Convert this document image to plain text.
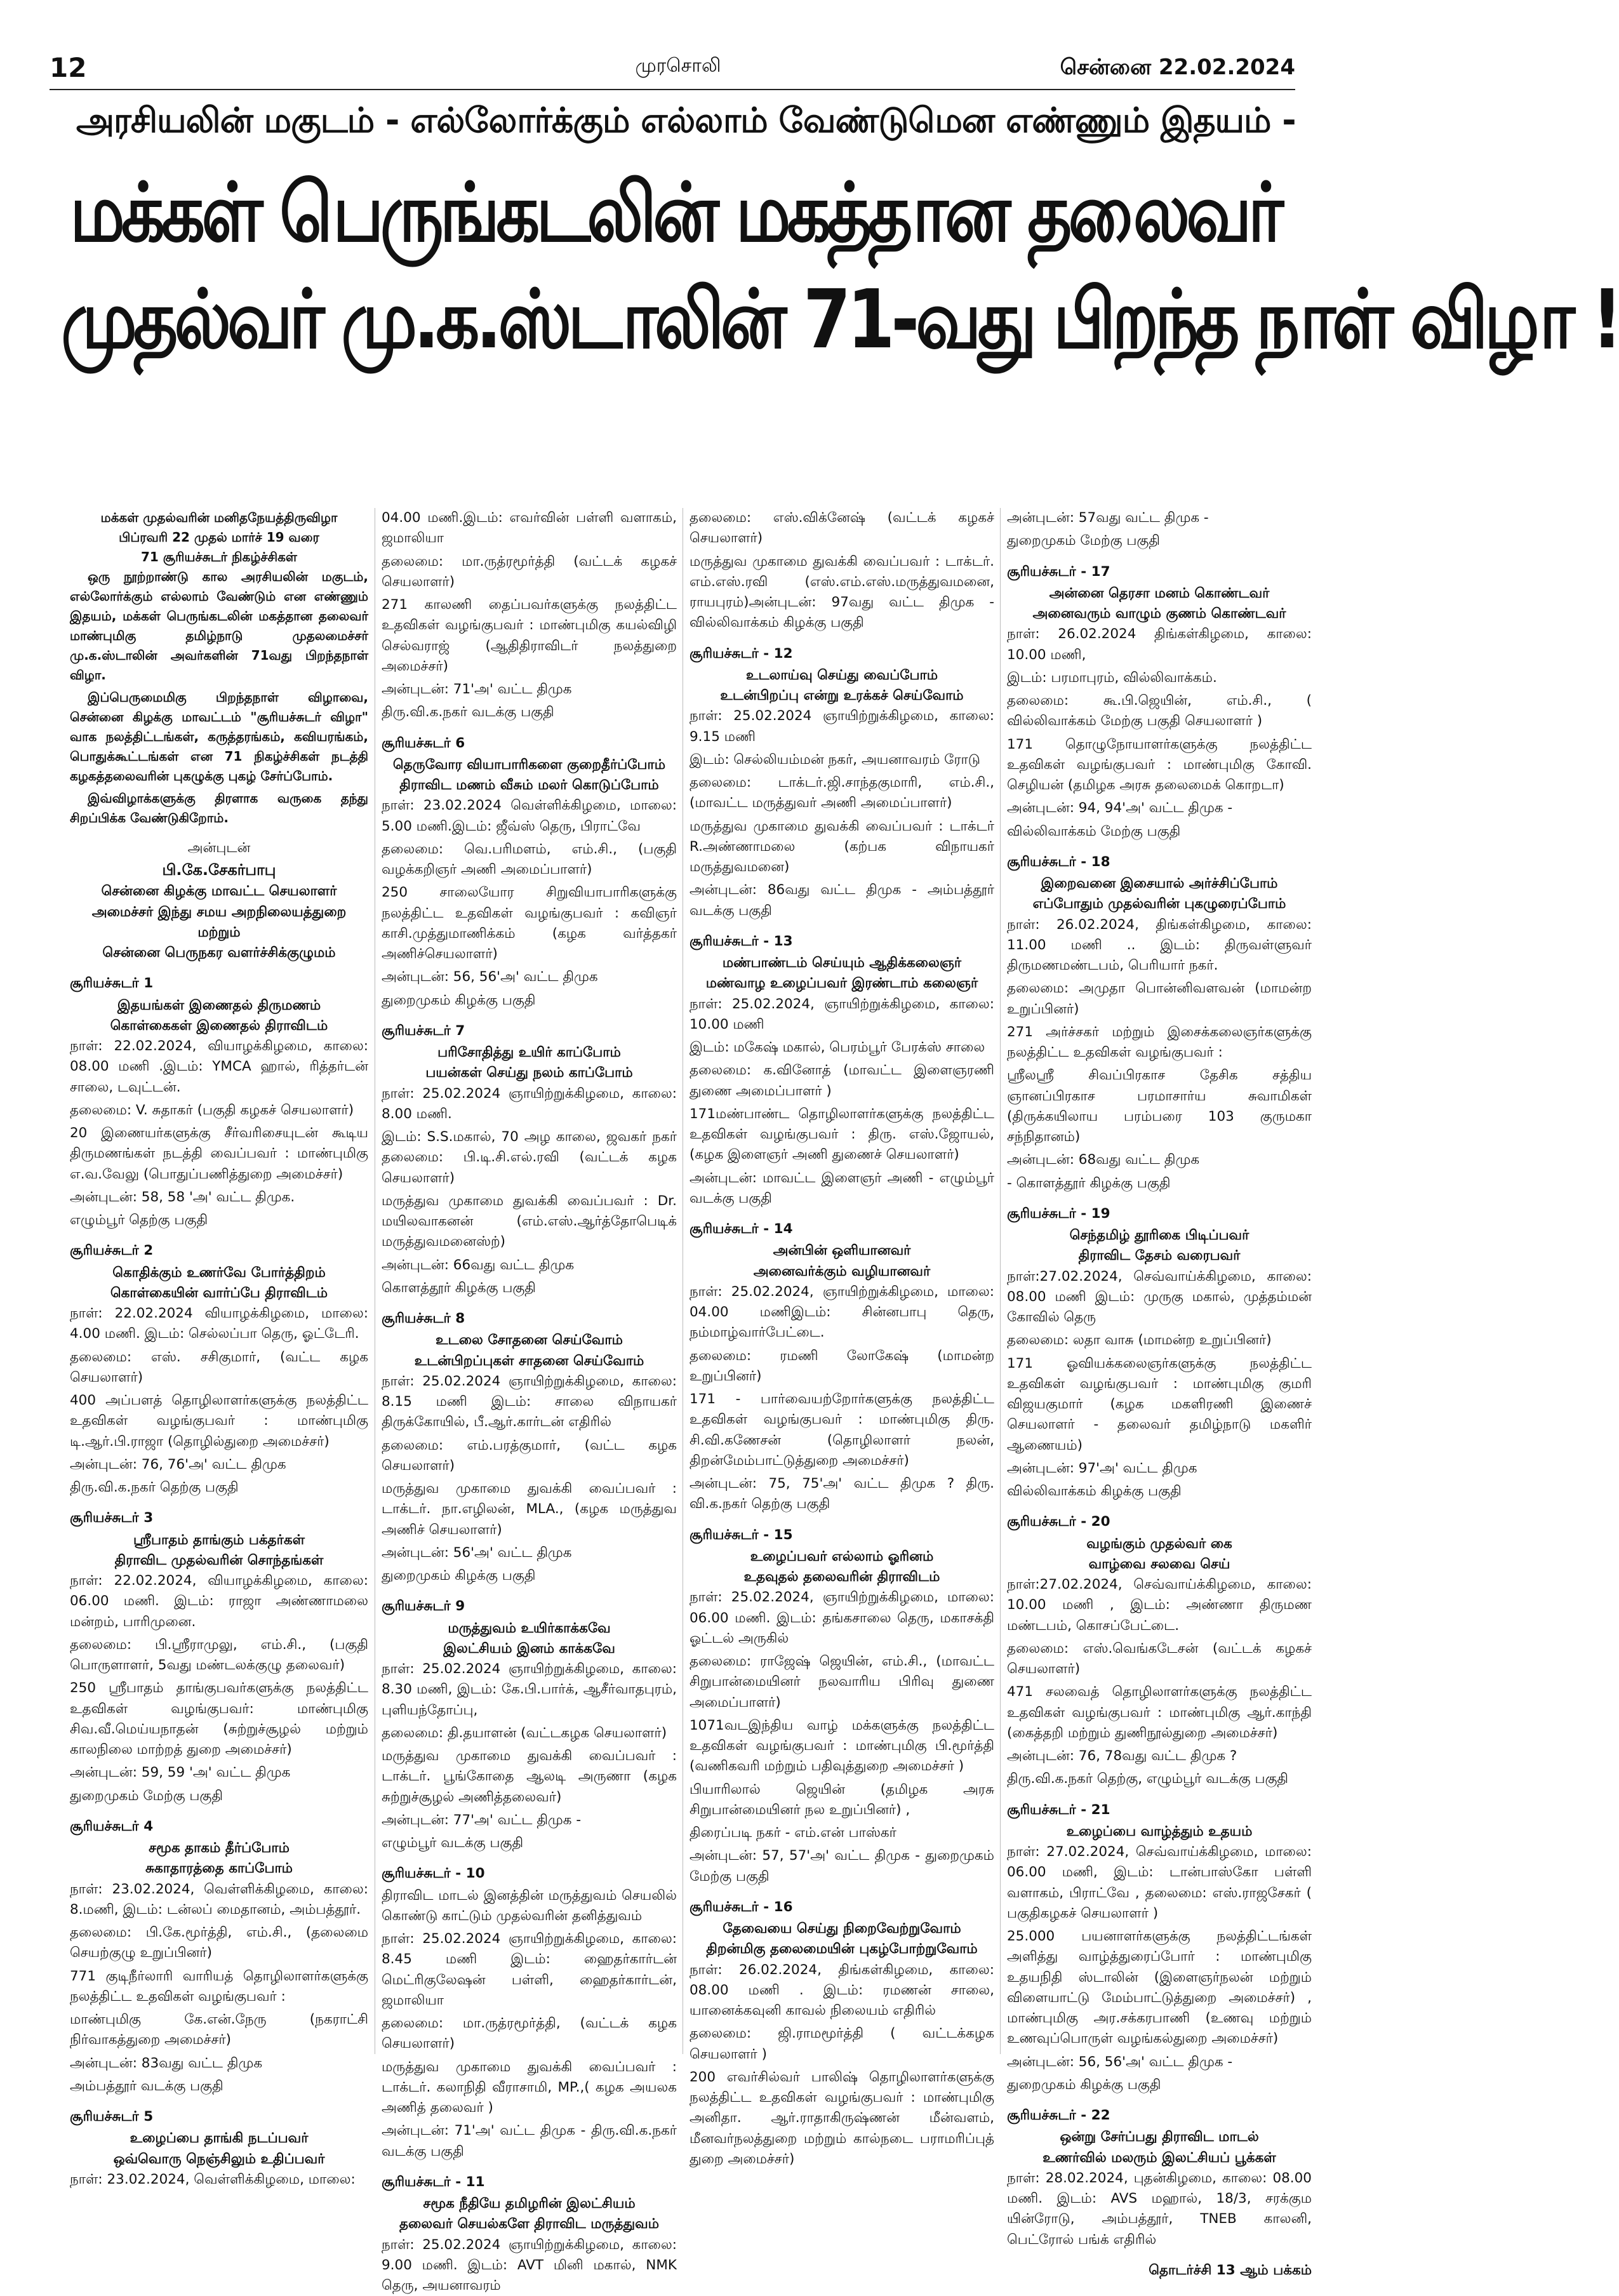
12	முரசொலி	சென்னை 22.02.2024
அரசியலின் மகுடம் - எல்லோர்க்கும் எல்லாம் வேண்டுமென எண்ணும் இதயம் -
மக்கள் பெருங்கடலின் மகத்தான தலைவர்
முதல்வர் மு.க.ஸ்டாலின் 71-வது பிறந்த நாள் விழா !
மக்கள் முதல்வரின் மனிதநேயத்திருவிழா
பிப்ரவரி 22 முதல் மார்ச் 19 வரை
71 சூரியச்சுடர் நிகழ்ச்சிகள்
ஒரு நூற்றாண்டு கால அரசியலின் மகுடம், எல்லோர்க்கும் எல்லாம் வேண்டும் என எண்ணும் இதயம், மக்கள் பெருங்கடலின் மகத்தான தலைவர் மாண்புமிகு தமிழ்நாடு முதலமைச்சர் மு.க.ஸ்டாலின் அவர்களின் 71வது பிறந்தநாள் விழா.
இப்பெருமைமிகு பிறந்தநாள் விழாவை, சென்னை கிழக்கு மாவட்டம் "சூரியச்சுடர் விழா" வாக நலத்திட்டங்கள், கருத்தரங்கம், கவியரங்கம், பொதுக்கூட்டங்கள் என 71 நிகழ்ச்சிகள் நடத்தி கழகத்தலைவரின் புகழுக்கு புகழ் சேர்ப்போம்.
இவ்விழாக்களுக்கு திரளாக வருகை தந்து சிறப்பிக்க வேண்டுகிறோம்.
அன்புடன்
பி.கே.சேகர்பாபு
சென்னை கிழக்கு மாவட்ட செயலாளர்
அமைச்சர் இந்து சமய அறநிலையத்துறை
மற்றும்
சென்னை பெருநகர வளர்ச்சிக்குழுமம்
சூரியச்சுடர் 1
இதயங்கள் இணைதல் திருமணம்
கொள்கைகள் இணைதல் திராவிடம்
நாள்: 22.02.2024, வியாழக்கிழமை, காலை: 08.00 மணி .இடம்: YMCA ஹால், ரித்தர்டன் சாலை, டவுட்டன்.
தலைமை: V. சுதாகர் (பகுதி கழகச் செயலாளர்)
20 இணையர்களுக்கு சீர்வரிசையுடன் கூடிய திருமணங்கள் நடத்தி வைப்பவர் : மாண்புமிகு எ.வ.வேலு (பொதுப்பணித்துறை அமைச்சர்)
அன்புடன்: 58, 58 'அ' வட்ட திமுக.
எழும்பூர் தெற்கு பகுதி
சூரியச்சுடர் 2
கொதிக்கும் உணர்வே போர்த்திறம்
கொள்கையின் வார்ப்பே திராவிடம்
நாள்: 22.02.2024 வியாழக்கிழமை, மாலை: 4.00 மணி. இடம்: செல்லப்பா தெரு, ஓட்டேரி.
தலைமை: எஸ். சசிகுமார், (வட்ட கழக செயலாளர்)
400 அப்பளத் தொழிலாளர்களுக்கு நலத்திட்ட உதவிகள் வழங்குபவர் : மாண்புமிகு டி.ஆர்.பி.ராஜா (தொழில்துறை அமைச்சர்)
அன்புடன்: 76, 76'அ' வட்ட திமுக
திரு.வி.க.நகர் தெற்கு பகுதி
சூரியச்சுடர் 3
ஸ்ரீபாதம் தாங்கும் பக்தர்கள்
திராவிட முதல்வரின் சொந்தங்கள்
நாள்: 22.02.2024, வியாழக்கிழமை, காலை: 06.00 மணி. இடம்: ராஜா அண்ணாமலை மன்றம், பாரிமுனை.
தலைமை: பி.ஸ்ரீராமுலு, எம்.சி., (பகுதி பொருளாளர், 5வது மண்டலக்குழு தலைவர்)
250 ஸ்ரீபாதம் தாங்குபவர்களுக்கு நலத்திட்ட உதவிகள் வழங்குபவர்: மாண்புமிகு சிவ.வீ.மெய்யநாதன் (சுற்றுச்சூழல் மற்றும் காலநிலை மாற்றத் துறை அமைச்சர்)
அன்புடன்: 59, 59 'அ' வட்ட திமுக
துறைமுகம் மேற்கு பகுதி
சூரியச்சுடர் 4
சமூக தாகம் தீர்ப்போம்
சுகாதாரத்தை காப்போம்
நாள்: 23.02.2024, வெள்ளிக்கிழமை, காலை: 8.மணி, இடம்: டன்லப் மைதானம், அம்பத்தூர்.
தலைமை: பி.கே.மூர்த்தி, எம்.சி., (தலைமை செயற்குழு உறுப்பினர்)
771 குடிநீர்லாரி வாரியத் தொழிலாளர்களுக்கு நலத்திட்ட உதவிகள் வழங்குபவர் :
மாண்புமிகு கே.என்.நேரு (நகராட்சி நிர்வாகத்துறை அமைச்சர்)
அன்புடன்: 83வது வட்ட திமுக
அம்பத்தூர் வடக்கு பகுதி
சூரியச்சுடர் 5
உழைப்பை தாங்கி நடப்பவர்
ஒவ்வொரு நெஞ்சிலும் உதிப்பவர்
நாள்: 23.02.2024, வெள்ளிக்கிழமை, மாலை:
04.00 மணி.இடம்: எவர்வின் பள்ளி வளாகம், ஜமாலியா
தலைமை: மா.ருத்ரமூர்த்தி (வட்டக் கழகச் செயலாளர்)
271 காலணி தைப்பவர்களுக்கு நலத்திட்ட உதவிகள் வழங்குபவர் : மாண்புமிகு கயல்விழி செல்வராஜ் (ஆதிதிராவிடர் நலத்துறை அமைச்சர்)
அன்புடன்: 71'அ' வட்ட திமுக
திரு.வி.க.நகர் வடக்கு பகுதி
சூரியச்சுடர் 6
தெருவோர வியாபாரிகளை குறைதீர்ப்போம்
திராவிட மணம் வீசும் மலர் கொடுப்போம்
நாள்: 23.02.2024 வெள்ளிக்கிழமை, மாலை: 5.00 மணி.இடம்: ஜீவ்ஸ் தெரு, பிராட்வே
தலைமை: வெ.பரிமளம், எம்.சி., (பகுதி வழக்கறிஞர் அணி அமைப்பாளர்)
250 சாலையோர சிறுவியாபாரிகளுக்கு நலத்திட்ட உதவிகள் வழங்குபவர் : கவிஞர் காசி.முத்துமாணிக்கம் (கழக வர்த்தகர் அணிச்செயலாளர்)
அன்புடன்: 56, 56'அ' வட்ட திமுக
துறைமுகம் கிழக்கு பகுதி
சூரியச்சுடர் 7
பரிசோதித்து உயிர் காப்போம்
பயன்கள் செய்து நலம் காப்போம்
நாள்: 25.02.2024 ஞாயிற்றுக்கிழமை, காலை: 8.00 மணி.
இடம்: S.S.மகால், 70 அழ காலை, ஜவகர் நகர் தலைமை: பி.டி.சி.எல்.ரவி (வட்டக் கழக செயலாளர்)
மருத்துவ முகாமை துவக்கி வைப்பவர் : Dr. மயிலவாகனன் (எம்.எஸ்.ஆர்த்தோபெடிக் மருத்துவமனைஸ்ற்)
அன்புடன்: 66வது வட்ட திமுக
கொளத்தூர் கிழக்கு பகுதி
சூரியச்சுடர் 8
உடலை சோதனை செய்வோம்
உடன்பிறப்புகள் சாதனை செய்வோம்
நாள்: 25.02.2024 ஞாயிற்றுக்கிழமை, காலை: 8.15 மணி இடம்: சாலை விநாயகர் திருக்கோயில், பீ.ஆர்.கார்டன் எதிரில்
தலைமை: எம்.பரத்குமார், (வட்ட கழக செயலாளர்)
மருத்துவ முகாமை துவக்கி வைப்பவர் : டாக்டர். நா.எழிலன், MLA., (கழக மருத்துவ அணிச் செயலாளர்)
அன்புடன்: 56'அ' வட்ட திமுக
துறைமுகம் கிழக்கு பகுதி
சூரியச்சுடர் 9
மருத்துவம் உயிர்காக்கவே
இலட்சியம் இனம் காக்கவே
நாள்: 25.02.2024 ஞாயிற்றுக்கிழமை, காலை: 8.30 மணி, இடம்: கே.பி.பார்க், ஆசீர்வாதபுரம், புளியந்தோப்பு,
தலைமை: தி.தயாளன் (வட்டகழக செயலாளர்)
மருத்துவ முகாமை துவக்கி வைப்பவர் : டாக்டர். பூங்கோதை ஆலடி அருணா (கழக சுற்றுச்சூழல் அணித்தலைவர்)
அன்புடன்: 77'அ' வட்ட திமுக -
எழும்பூர் வடக்கு பகுதி
சூரியச்சுடர் - 10
திராவிட மாடல் இனத்தின் மருத்துவம் செயலில் கொண்டு காட்டும் முதல்வரின் தனித்துவம்
நாள்: 25.02.2024 ஞாயிற்றுக்கிழமை, காலை: 8.45 மணி இடம்: ஹைதர்கார்டன் மெட்ரிகுலேஷன் பள்ளி, ஹைதர்கார்டன், ஜமாலியா
தலைமை: மா.ருத்ரமூர்த்தி, (வட்டக் கழக செயலாளர்)
மருத்துவ முகாமை துவக்கி வைப்பவர் : டாக்டர். கலாநிதி வீராசாமி, MP.,( கழக அயலக அணித் தலைவர் )
அன்புடன்: 71'அ' வட்ட திமுக - திரு.வி.க.நகர் வடக்கு பகுதி
சூரியச்சுடர் - 11
சமூக நீதியே தமிழரின் இலட்சியம்
தலைவர் செயல்களே திராவிட மருத்துவம்
நாள்: 25.02.2024 ஞாயிற்றுக்கிழமை, காலை: 9.00 மணி. இடம்: AVT மினி மகால், NMK தெரு, அயனாவரம்
தலைமை: எஸ்.விக்னேஷ் (வட்டக் கழகச் செயலாளர்)
மருத்துவ முகாமை துவக்கி வைப்பவர் : டாக்டர். எம்.எஸ்.ரவி (எஸ்.எம்.எஸ்.மருத்துவமனை, ராயபுரம்)அன்புடன்: 97வது வட்ட திமுக - வில்லிவாக்கம் கிழக்கு பகுதி
சூரியச்சுடர் - 12
உடலாய்வு செய்து வைப்போம்
உடன்பிறப்பு என்று உரக்கச் செய்வோம்
நாள்: 25.02.2024 ஞாயிற்றுக்கிழமை, காலை: 9.15 மணி
இடம்: செல்லியம்மன் நகர், அயனாவரம் ரோடு
தலைமை: டாக்டர்.ஜி.சாந்தகுமாரி, எம்.சி., (மாவட்ட மருத்துவர் அணி அமைப்பாளர்)
மருத்துவ முகாமை துவக்கி வைப்பவர் : டாக்டர் R.அண்ணாமலை (கற்பக விநாயகர் மருத்துவமனை)
அன்புடன்: 86வது வட்ட திமுக - அம்பத்தூர் வடக்கு பகுதி
சூரியச்சுடர் - 13
மண்பாண்டம் செய்யும் ஆதிக்கலைஞர்
மண்வாழ உழைப்பவர் இரண்டாம் கலைஞர்
நாள்: 25.02.2024, ஞாயிற்றுக்கிழமை, காலை: 10.00 மணி
இடம்: மகேஷ் மகால், பெரம்பூர் பேரக்ஸ் சாலை
தலைமை: க.வினோத் (மாவட்ட இளைஞரணி துணை அமைப்பாளர் )
171மண்பாண்ட தொழிலாளர்களுக்கு நலத்திட்ட உதவிகள் வழங்குபவர் : திரு. எஸ்.ஜோயல்,(கழக இளைஞர் அணி துணைச் செயலாளர்)
அன்புடன்: மாவட்ட இளைஞர் அணி - எழும்பூர் வடக்கு பகுதி
சூரியச்சுடர் - 14
அன்பின் ஒளியானவர்
அனைவர்க்கும் வழியானவர்
நாள்: 25.02.2024, ஞாயிற்றுக்கிழமை, மாலை: 04.00 மணிஇடம்: சின்னபாபு தெரு, நம்மாழ்வார்பேட்டை.
தலைமை: ரமணி லோகேஷ் (மாமன்ற உறுப்பினர்)
171 - பார்வையற்றோர்களுக்கு நலத்திட்ட உதவிகள் வழங்குபவர் : மாண்புமிகு திரு. சி.வி.கணேசன் (தொழிலாளர் நலன், திறன்மேம்பாட்டுத்துறை அமைச்சர்)
அன்புடன்: 75, 75'அ' வட்ட திமுக ? திரு. வி.க.நகர் தெற்கு பகுதி
சூரியச்சுடர் - 15
உழைப்பவர் எல்லாம் ஓரினம்
உதவுதல் தலைவரின் திராவிடம்
நாள்: 25.02.2024, ஞாயிற்றுக்கிழமை, மாலை: 06.00 மணி. இடம்: தங்கசாலை தெரு, மகாசக்தி ஓட்டல் அருகில்
தலைமை: ராஜேஷ் ஜெயின், எம்.சி., (மாவட்ட சிறுபான்மையினர் நலவாரிய பிரிவு துணை அமைப்பாளர்)
1071வடஇந்திய வாழ் மக்களுக்கு நலத்திட்ட உதவிகள் வழங்குபவர் : மாண்புமிகு பி.மூர்த்தி (வணிகவரி மற்றும் பதிவுத்துறை அமைச்சர் )
பியாரிலால் ஜெயின் (தமிழக அரசு சிறுபான்மையினர் நல உறுப்பினர்) ,
திரைப்படி நகர் - எம்.என் பாஸ்கர்
அன்புடன்: 57, 57'அ' வட்ட திமுக - துறைமுகம் மேற்கு பகுதி
சூரியச்சுடர் - 16
தேவையை செய்து நிறைவேற்றுவோம்
திறன்மிகு தலைமையின் புகழ்போற்றுவோம்
நாள்: 26.02.2024, திங்கள்கிழமை, காலை: 08.00 மணி . இடம்: ரமணன் சாலை, யானைக்கவுனி காவல் நிலையம் எதிரில்
தலைமை: ஜி.ராமமூர்த்தி ( வட்டக்கழக செயலாளர் )
200 எவர்சில்வர் பாலிஷ் தொழிலாளர்களுக்கு நலத்திட்ட உதவிகள் வழங்குபவர் : மாண்புமிகு அனிதா. ஆர்.ராதாகிருஷ்ணன் மீன்வளம், மீனவர்நலத்துறை மற்றும் கால்நடை பராமரிப்புத் துறை அமைச்சர்)
அன்புடன்: 57வது வட்ட திமுக -
துறைமுகம் மேற்கு பகுதி
சூரியச்சுடர் - 17
அன்னை தெரசா மனம் கொண்டவர்
அனைவரும் வாழும் குணம் கொண்டவர்
நாள்: 26.02.2024 திங்கள்கிழமை, காலை: 10.00 மணி,
இடம்: பரமாபுரம், வில்லிவாக்கம்.
தலைமை: கூ.பி.ஜெயின், எம்.சி., ( வில்லிவாக்கம் மேற்கு பகுதி செயலாளர் )
171 தொழுநோயாளர்களுக்கு நலத்திட்ட உதவிகள் வழங்குபவர் : மாண்புமிகு கோவி. செழியன் (தமிழக அரசு தலைமைக் கொறடா)
அன்புடன்: 94, 94'அ' வட்ட திமுக -
வில்லிவாக்கம் மேற்கு பகுதி
சூரியச்சுடர் - 18
இறைவனை இசையால் அர்ச்சிப்போம்
எப்போதும் முதல்வரின் புகழுரைப்போம்
நாள்: 26.02.2024, திங்கள்கிழமை, காலை: 11.00 மணி .. இடம்: திருவள்ளுவர் திருமணமண்டபம், பெரியார் நகர்.
தலைமை: அமுதா பொன்னிவளவன் (மாமன்ற உறுப்பினர்)
271 அர்ச்சகர் மற்றும் இசைக்கலைஞர்களுக்கு நலத்திட்ட உதவிகள் வழங்குபவர் :
ஸ்ரீலஸ்ரீ சிவப்பிரகாச தேசிக சத்திய ஞானப்பிரகாச பரமாசார்ய சுவாமிகள் (திருக்கயிலாய பரம்பரை 103 குருமகா சந்நிதானம்)
அன்புடன்: 68வது வட்ட திமுக
- கொளத்தூர் கிழக்கு பகுதி
சூரியச்சுடர் - 19
செந்தமிழ் தூரிகை பிடிப்பவர்
திராவிட தேசம் வரைபவர்
நாள்:27.02.2024, செவ்வாய்க்கிழமை, காலை: 08.00 மணி இடம்: முருகு மகால், முத்தம்மன் கோவில் தெரு
தலைமை: லதா வாசு (மாமன்ற உறுப்பினர்)
171 ஓவியக்கலைஞர்களுக்கு நலத்திட்ட உதவிகள் வழங்குபவர் : மாண்புமிகு குமரி விஜயகுமார் (கழக மகளிரணி இணைச் செயலாளர் - தலைவர் தமிழ்நாடு மகளிர் ஆணையம்)
அன்புடன்: 97'அ' வட்ட திமுக
வில்லிவாக்கம் கிழக்கு பகுதி
சூரியச்சுடர் - 20
வழங்கும் முதல்வர் கை
வாழ்வை சலவை செய்
நாள்:27.02.2024, செவ்வாய்க்கிழமை, காலை: 10.00 மணி , இடம்: அண்ணா திருமண மண்டபம், கொசப்பேட்டை.
தலைமை: எஸ்.வெங்கடேசன் (வட்டக் கழகச் செயலாளர்)
471 சலவைத் தொழிலாளர்களுக்கு நலத்திட்ட உதவிகள் வழங்குபவர் : மாண்புமிகு ஆர்.காந்தி (கைத்தறி மற்றும் துணிநூல்துறை அமைச்சர்)
அன்புடன்: 76, 78வது வட்ட திமுக ?
திரு.வி.க.நகர் தெற்கு, எழும்பூர் வடக்கு பகுதி
சூரியச்சுடர் - 21
உழைப்பை வாழ்த்தும் உதயம்
நாள்: 27.02.2024, செவ்வாய்க்கிழமை, மாலை: 06.00 மணி, இடம்: டான்பாஸ்கோ பள்ளி வளாகம், பிராட்வே , தலைமை: எஸ்.ராஜசேகர் ( பகுதிகழகச் செயலாளர் )
25.000 பயனாளர்களுக்கு நலத்திட்டங்கள் அளித்து வாழ்த்துரைப்போர் : மாண்புமிகு உதயநிதி ஸ்டாலின் (இளைஞர்நலன் மற்றும் விளையாட்டு மேம்பாட்டுத்துறை அமைச்சர்) , மாண்புமிகு அர.சக்கரபாணி (உணவு மற்றும் உணவுப்பொருள் வழங்கல்துறை அமைச்சர்)
அன்புடன்: 56, 56'அ' வட்ட திமுக -
துறைமுகம் கிழக்கு பகுதி
சூரியச்சுடர் - 22
ஒன்று சேர்ப்பது திராவிட மாடல்
உணர்வில் மலரும் இலட்சியப் பூக்கள்
நாள்: 28.02.2024, புதன்கிழமை, காலை: 08.00 மணி. இடம்: AVS மஹால், 18/3, சரக்கும யின்ரோடு, அம்பத்தூர், TNEB காலனி, பெட்ரோல் பங்க் எதிரில்
தொடர்ச்சி 13 ஆம் பக்கம்
